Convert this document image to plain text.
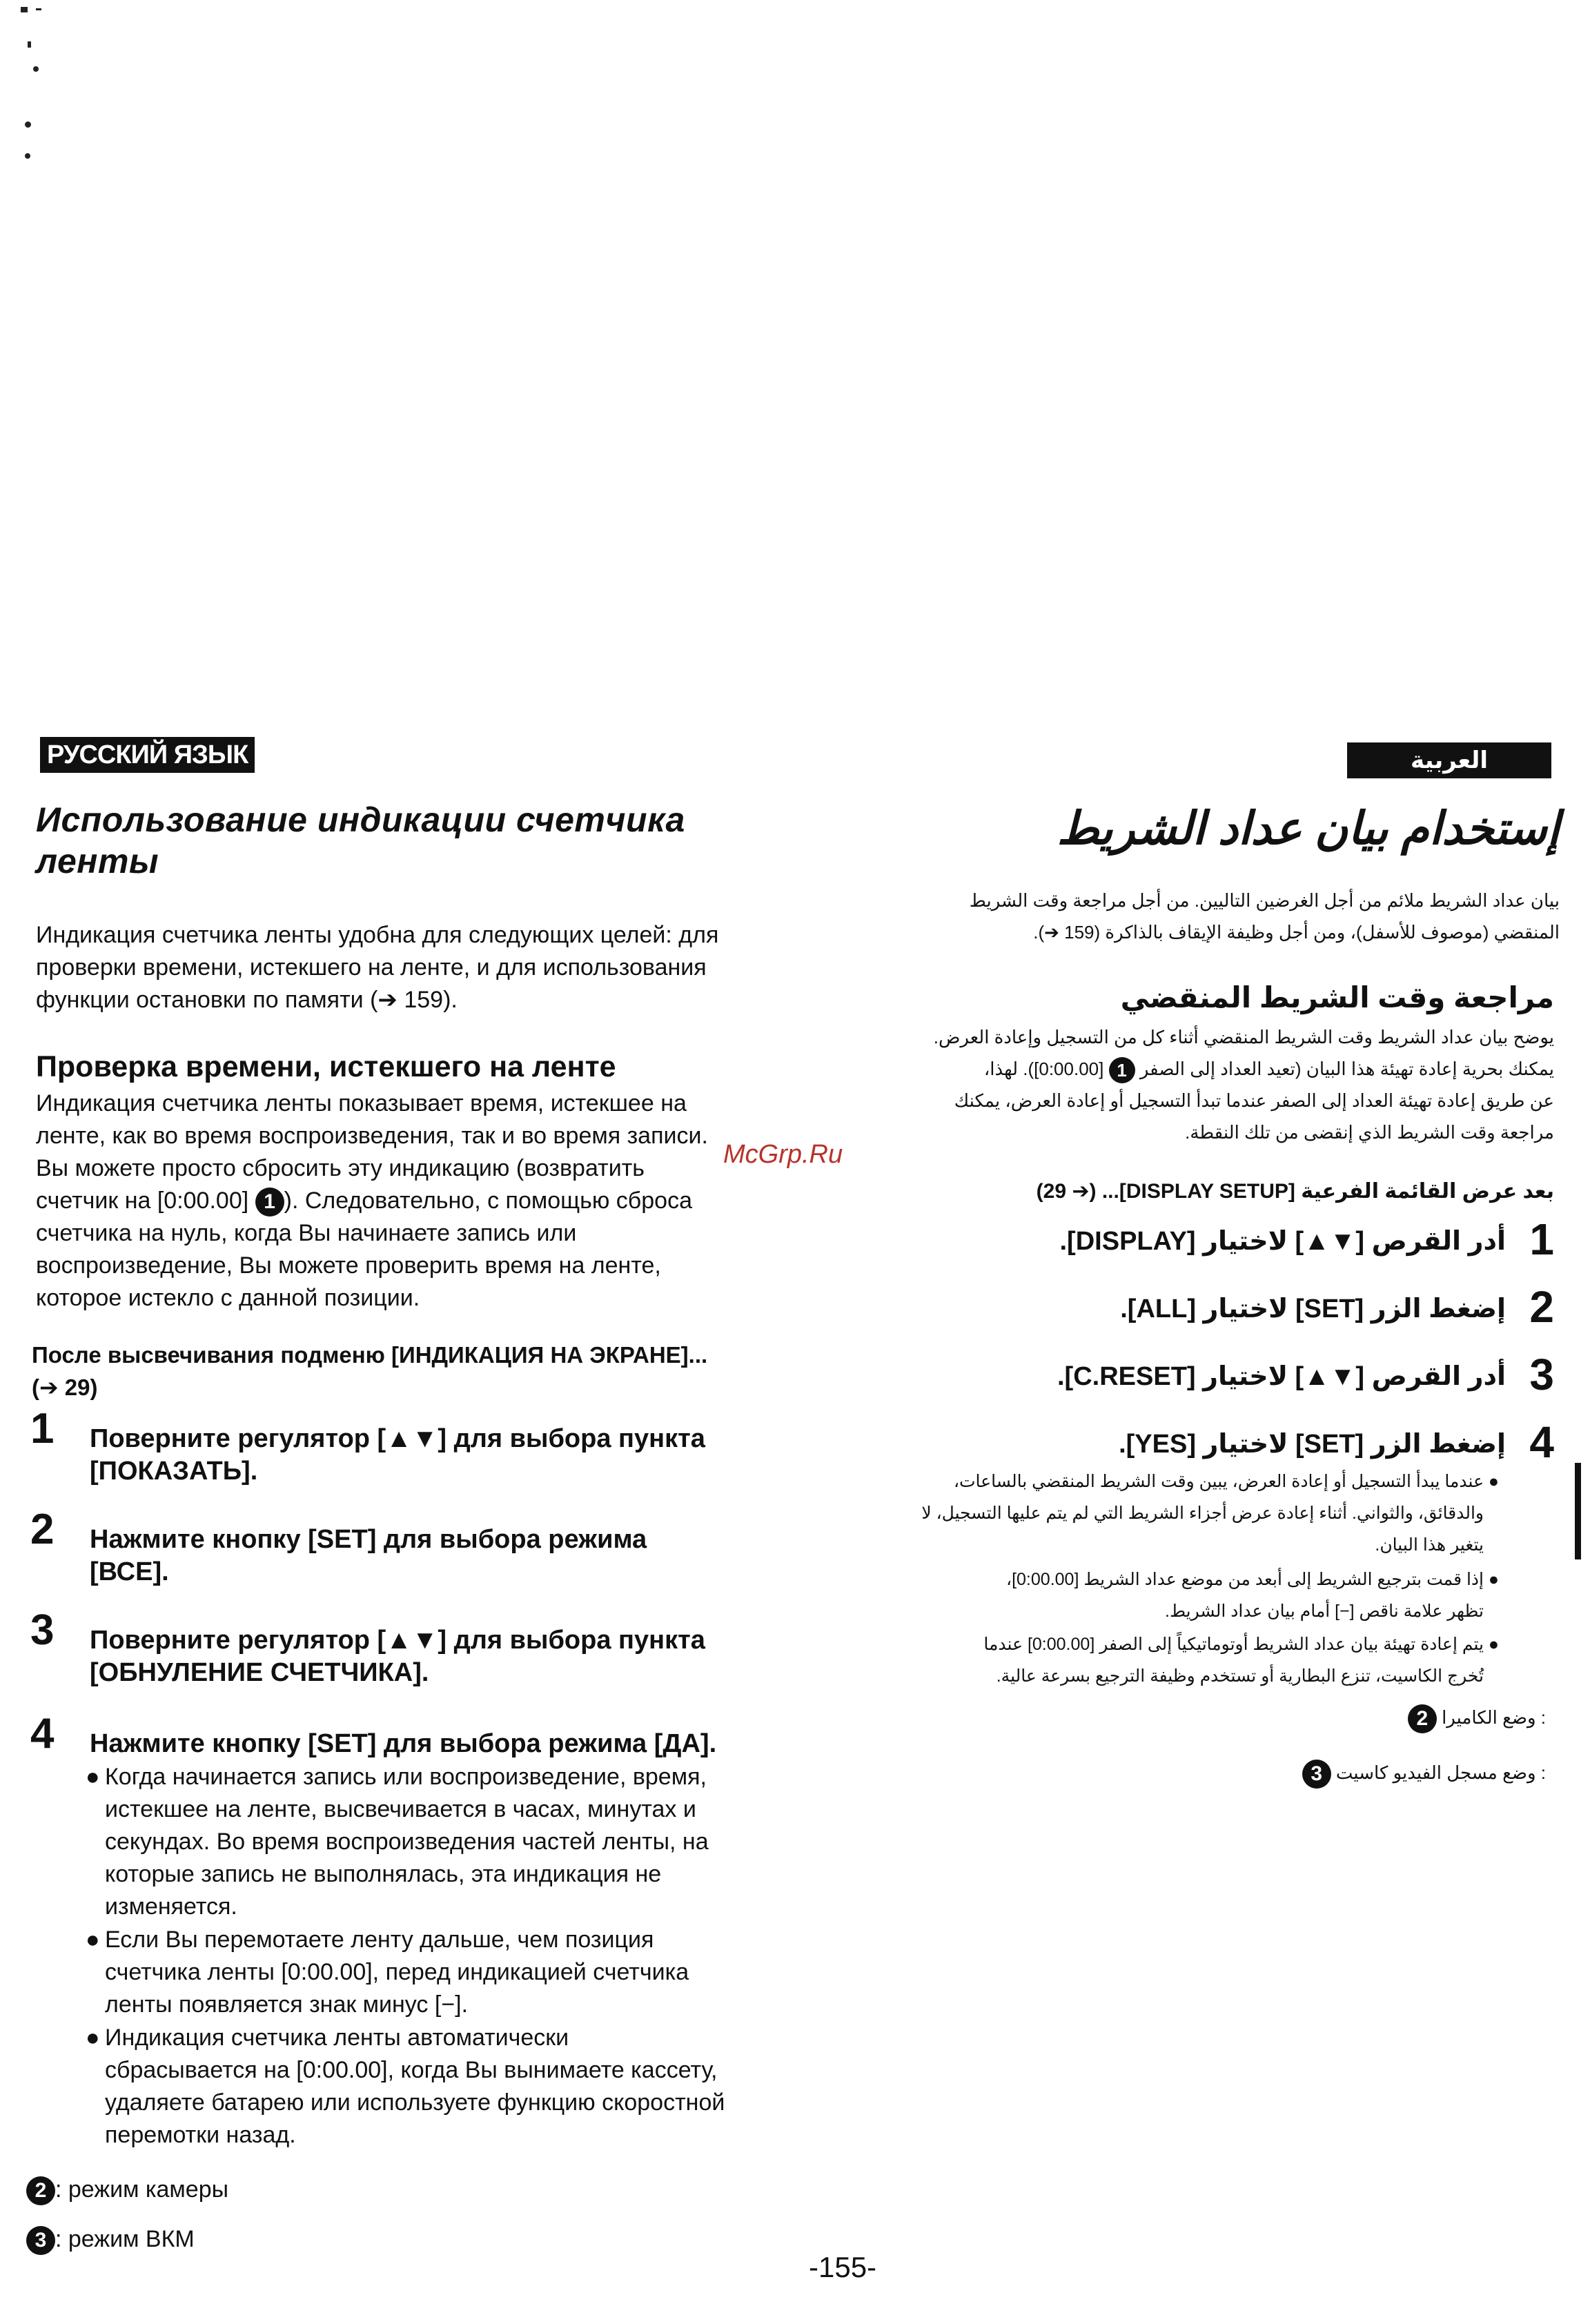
РУССКИЙ ЯЗЫК
Использование индикации счетчика
ленты
Индикация счетчика ленты удобна для следующих целей: для
проверки времени, истекшего на ленте, и для использования
функции остановки по памяти (➔ 159).
Проверка времени, истекшего на ленте
Индикация счетчика ленты показывает время, истекшее на
ленте, как во время воспроизведения, так и во время записи.
Вы можете просто сбросить эту индикацию (возвратить
счетчик на [0:00.00] 1 ). Следовательно, с помощью сброса
счетчика на нуль, когда Вы начинаете запись или
воспроизведение, Вы можете проверить время на ленте,
которое истекло с данной позиции.
McGrp.Ru
После высвечивания подменю [ИНДИКАЦИЯ НА ЭКРАНЕ]...
(➔ 29)
1 Поверните регулятор [▲▼] для выбора пункта
[ПОКАЗАТЬ].
2 Нажмите кнопку [SET] для выбора режима
[ВСЕ].
3 Поверните регулятор [▲▼] для выбора пункта
[ОБНУЛЕНИЕ СЧЕТЧИКА].
4 Нажмите кнопку [SET] для выбора режима [ДА].
● Когда начинается запись или воспроизведение, время,
истекшее на ленте, высвечивается в часах, минутах и
секундах. Во время воспроизведения частей ленты, на
которые запись не выполнялась, эта индикация не
изменяется.
● Если Вы перемотаете ленту дальше, чем позиция
счетчика ленты [0:00.00], перед индикацией счетчика
ленты появляется знак минус [−].
● Индикация счетчика ленты автоматически
сбрасывается на [0:00.00], когда Вы вынимаете кассету,
удаляете батарею или используете функцию скоростной
перемотки назад.
2 : режим камеры
3 : режим ВКМ
العربية
إستخدام بيان عداد الشريط
بيان عداد الشريط ملائم من أجل الغرضين التاليين. من أجل مراجعة وقت الشريط
المنقضي (موصوف للأسفل)، ومن أجل وظيفة الإيقاف بالذاكرة (159 ➔).
مراجعة وقت الشريط المنقضي
يوضح بيان عداد الشريط وقت الشريط المنقضي أثناء كل من التسجيل وإعادة العرض.
يمكنك بحرية إعادة تهيئة هذا البيان (تعيد العداد إلى الصفر 1 [0:00.00]). لهذا،
عن طريق إعادة تهيئة العداد إلى الصفر عندما تبدأ التسجيل أو إعادة العرض، يمكنك
مراجعة وقت الشريط الذي إنقضى من تلك النقطة.
بعد عرض القائمة الفرعية [DISPLAY SETUP]... (➔ 29)
1
أدر القرص [▼▲] لاختيار [DISPLAY].
2
إضغط الزر [SET] لاختيار [ALL].
3
أدر القرص [▼▲] لاختيار [C.RESET].
4
إضغط الزر [SET] لاختيار [YES].
●
عندما يبدأ التسجيل أو إعادة العرض، يبين وقت الشريط المنقضي بالساعات،
والدقائق، والثواني. أثناء إعادة عرض أجزاء الشريط التي لم يتم عليها التسجيل، لا
يتغير هذا البيان.
●
إذا قمت بترجيع الشريط إلى أبعد من موضع عداد الشريط [0:00.00]،
تظهر علامة ناقص [−] أمام بيان عداد الشريط.
●
يتم إعادة تهيئة بيان عداد الشريط أوتوماتيكياً إلى الصفر [0:00.00] عندما
تُخرج الكاسيت، تنزع البطارية أو تستخدم وظيفة الترجيع بسرعة عالية.
: وضع الكاميرا 2
: وضع مسجل الفيديو كاسيت 3
-155-
